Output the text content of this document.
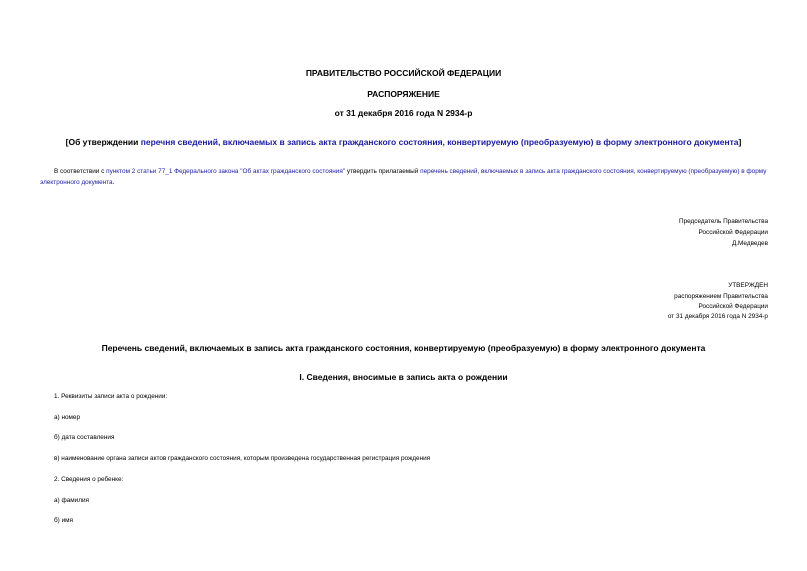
ПРАВИТЕЛЬСТВО РОССИЙСКОЙ ФЕДЕРАЦИИ
РАСПОРЯЖЕНИЕ
от 31 декабря 2016 года N 2934-р
[Об утверждении перечня сведений, включаемых в запись акта гражданского состояния, конвертируемую (преобразуемую) в форму электронного документа]
В соответствии с пунктом 2 статьи 77_1 Федерального закона "Об актах гражданского состояния" утвердить прилагаемый перечень сведений, включаемых в запись акта гражданского состояния, конвертируемую (преобразуемую) в форму электронного документа.
Председатель Правительства
Российской Федерации
Д.Медведев
УТВЕРЖДЕН
распоряжением Правительства
Российской Федерации
от 31 декабря 2016 года N 2934-р
Перечень сведений, включаемых в запись акта гражданского состояния, конвертируемую (преобразуемую) в форму электронного документа
I. Сведения, вносимые в запись акта о рождении
1. Реквизиты записи акта о рождении:
а) номер
б) дата составления
в) наименование органа записи актов гражданского состояния, которым произведена государственная регистрация рождения
2. Сведения о ребенке:
а) фамилия
б) имя
